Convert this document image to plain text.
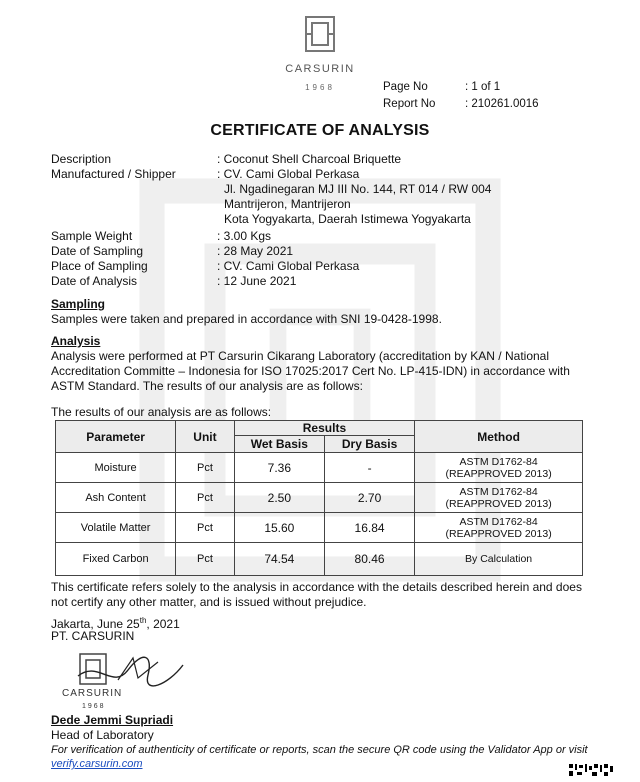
CARSURIN
1968	Page No	: 1 of 1
Report No	: 210261.0016
CERTIFICATE OF ANALYSIS
Description	: Coconut Shell Charcoal Briquette
Manufactured / Shipper	: CV. Cami Global Perkasa
Jl. Ngadinegaran MJ III No. 144, RT 014 / RW 004
Mantrijeron, Mantrijeron
Kota Yogyakarta, Daerah Istimewa Yogyakarta
Sample Weight	: 3.00 Kgs
Date of Sampling	: 28 May 2021
Place of Sampling	: CV. Cami Global Perkasa
Date of Analysis	: 12 June 2021
Sampling
Samples were taken and prepared in accordance with SNI 19-0428-1998.
Analysis
Analysis were performed at PT Carsurin Cikarang Laboratory (accreditation by KAN / National Accreditation Committe – Indonesia for ISO 17025:2017 Cert No. LP-415-IDN) in accordance with ASTM Standard. The results of our analysis are as follows:
The results of our analysis are as follows:
Parameter	Unit	Results		Method
		Wet Basis	Dry Basis	
Moisture	Pct	7.36	-	ASTM D1762-84
(REAPPROVED 2013)

Ash Content	Pct	2.50	2.70	ASTM D1762-84
(REAPPROVED 2013)

Volatile Matter	Pct	15.60	16.84	ASTM D1762-84
(REAPPROVED 2013)

Fixed Carbon	Pct	74.54	80.46	By Calculation
This certificate refers solely to the analysis in accordance with the details described herein and does not certify any other matter, and is issued without prejudice.
Jakarta, June 25th, 2021
PT. CARSURIN
CARSURIN
1968
Dede Jemmi Supriadi
Head of Laboratory
For verification of authenticity of certificate or reports, scan the secure QR code using the Validator App or visit verify.carsurin.com
